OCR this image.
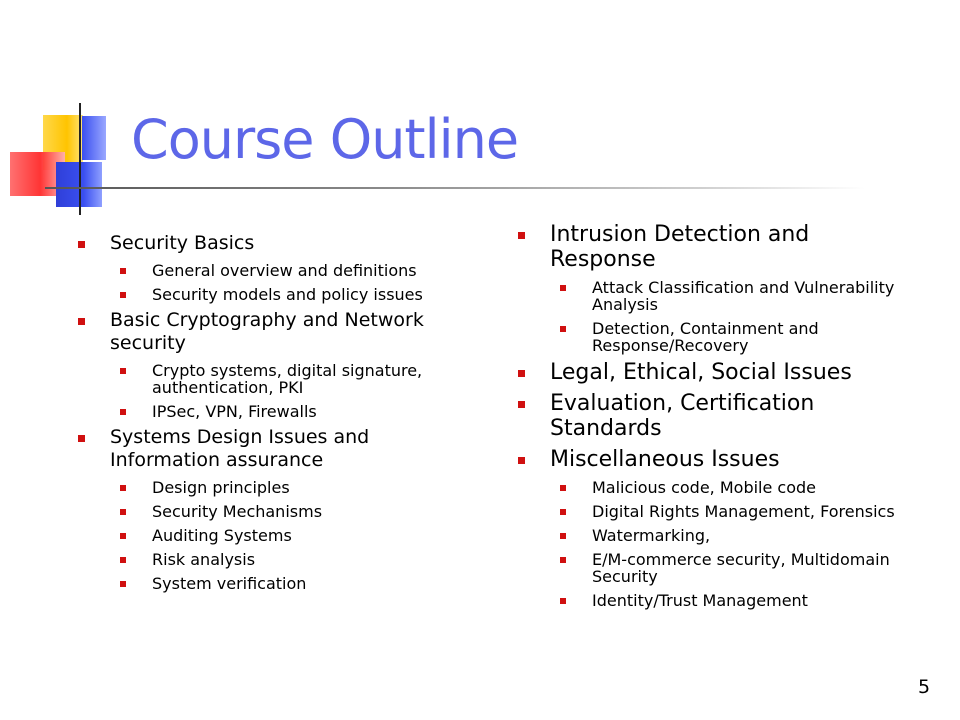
Course Outline
Security Basics
General overview and definitions
Security models and policy issues
Basic Cryptography and Network security
Crypto systems, digital signature, authentication, PKI
IPSec, VPN, Firewalls
Systems Design Issues and Information assurance
Design principles
Security Mechanisms
Auditing Systems
Risk analysis
System verification
Intrusion Detection and Response
Attack Classification and Vulnerability Analysis
Detection, Containment and Response/Recovery
Legal, Ethical, Social Issues
Evaluation, Certification Standards
Miscellaneous Issues
Malicious code, Mobile code
Digital Rights Management, Forensics
Watermarking,
E/M-commerce security, Multidomain Security
Identity/Trust Management
5
